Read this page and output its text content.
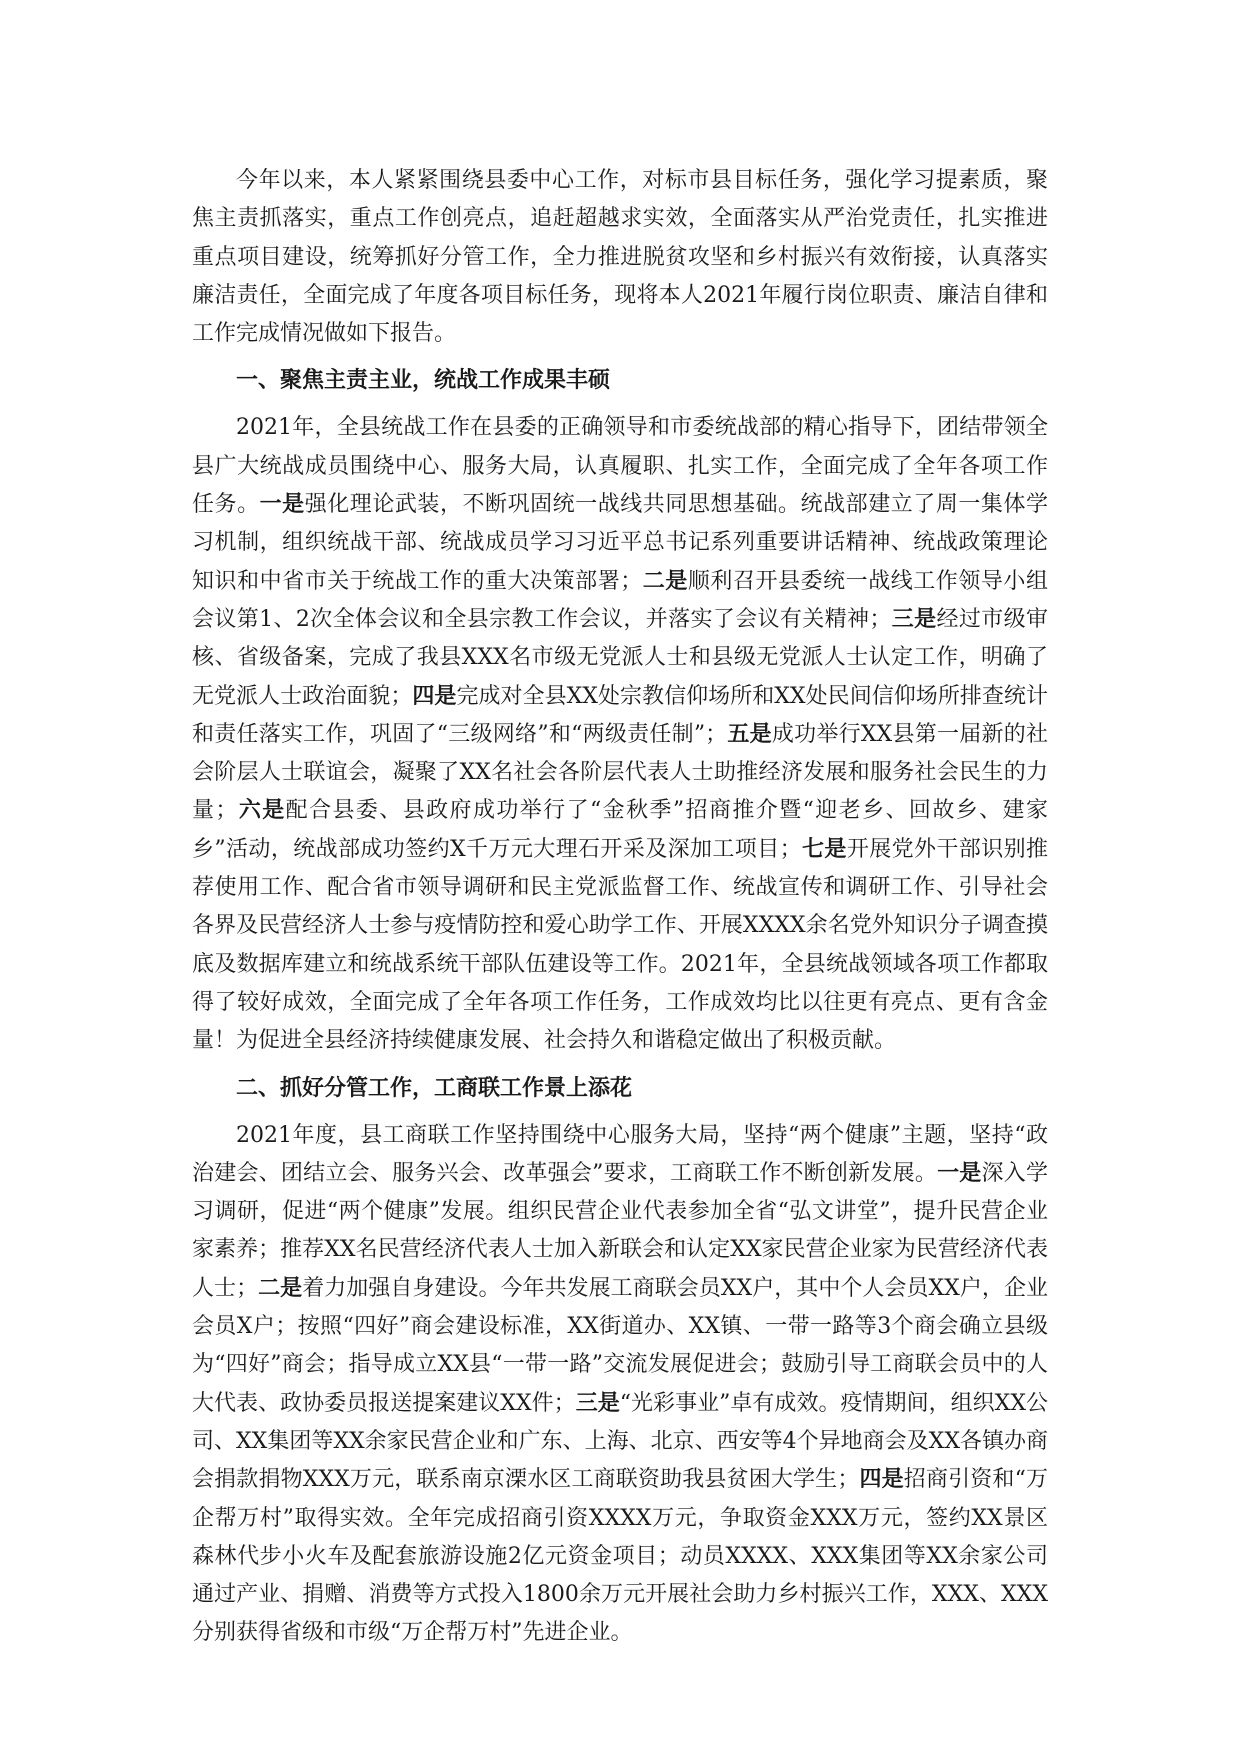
今年以来，本人紧紧围绕县委中心工作，对标市县目标任务，强化学习提素质，聚焦主责抓落实，重点工作创亮点，追赶超越求实效，全面落实从严治党责任，扎实推进重点项目建设，统筹抓好分管工作，全力推进脱贫攻坚和乡村振兴有效衔接，认真落实廉洁责任，全面完成了年度各项目标任务，现将本人2021年履行岗位职责、廉洁自律和工作完成情况做如下报告。

一、聚焦主责主业，统战工作成果丰硕

2021年，全县统战工作在县委的正确领导和市委统战部的精心指导下，团结带领全县广大统战成员围绕中心、服务大局，认真履职、扎实工作，全面完成了全年各项工作任务。一是强化理论武装，不断巩固统一战线共同思想基础。统战部建立了周一集体学习机制，组织统战干部、统战成员学习习近平总书记系列重要讲话精神、统战政策理论知识和中省市关于统战工作的重大决策部署；二是顺利召开县委统一战线工作领导小组会议第1、2次全体会议和全县宗教工作会议，并落实了会议有关精神；三是经过市级审核、省级备案，完成了我县XXX名市级无党派人士和县级无党派人士认定工作，明确了无党派人士政治面貌；四是完成对全县XX处宗教信仰场所和XX处民间信仰场所排查统计和责任落实工作，巩固了“三级网络”和“两级责任制”；五是成功举行XX县第一届新的社会阶层人士联谊会，凝聚了XX名社会各阶层代表人士助推经济发展和服务社会民生的力量；六是配合县委、县政府成功举行了“金秋季”招商推介暨“迎老乡、回故乡、建家乡”活动，统战部成功签约X千万元大理石开采及深加工项目；七是开展党外干部识别推荐使用工作、配合省市领导调研和民主党派监督工作、统战宣传和调研工作、引导社会各界及民营经济人士参与疫情防控和爱心助学工作、开展XXXX余名党外知识分子调查摸底及数据库建立和统战系统干部队伍建设等工作。2021年，全县统战领域各项工作都取得了较好成效，全面完成了全年各项工作任务，工作成效均比以往更有亮点、更有含金量！为促进全县经济持续健康发展、社会持久和谐稳定做出了积极贡献。

二、抓好分管工作，工商联工作景上添花

2021年度，县工商联工作坚持围绕中心服务大局，坚持“两个健康”主题，坚持“政治建会、团结立会、服务兴会、改革强会”要求，工商联工作不断创新发展。一是深入学习调研，促进“两个健康”发展。组织民营企业代表参加全省“弘文讲堂”，提升民营企业家素养；推荐XX名民营经济代表人士加入新联会和认定XX家民营企业家为民营经济代表人士；二是着力加强自身建设。今年共发展工商联会员XX户，其中个人会员XX户，企业会员X户；按照“四好”商会建设标准，XX街道办、XX镇、一带一路等3个商会确立县级为“四好”商会；指导成立XX县“一带一路”交流发展促进会；鼓励引导工商联会员中的人大代表、政协委员报送提案建议XX件；三是“光彩事业”卓有成效。疫情期间，组织XX公司、XX集团等XX余家民营企业和广东、上海、北京、西安等4个异地商会及XX各镇办商会捐款捐物XXX万元，联系南京溧水区工商联资助我县贫困大学生；四是招商引资和“万企帮万村”取得实效。全年完成招商引资XXXX万元，争取资金XXX万元，签约XX景区森林代步小火车及配套旅游设施2亿元资金项目；动员XXXX、XXX集团等XX余家公司通过产业、捐赠、消费等方式投入1800余万元开展社会助力乡村振兴工作，XXX、XXX分别获得省级和市级“万企帮万村”先进企业。
